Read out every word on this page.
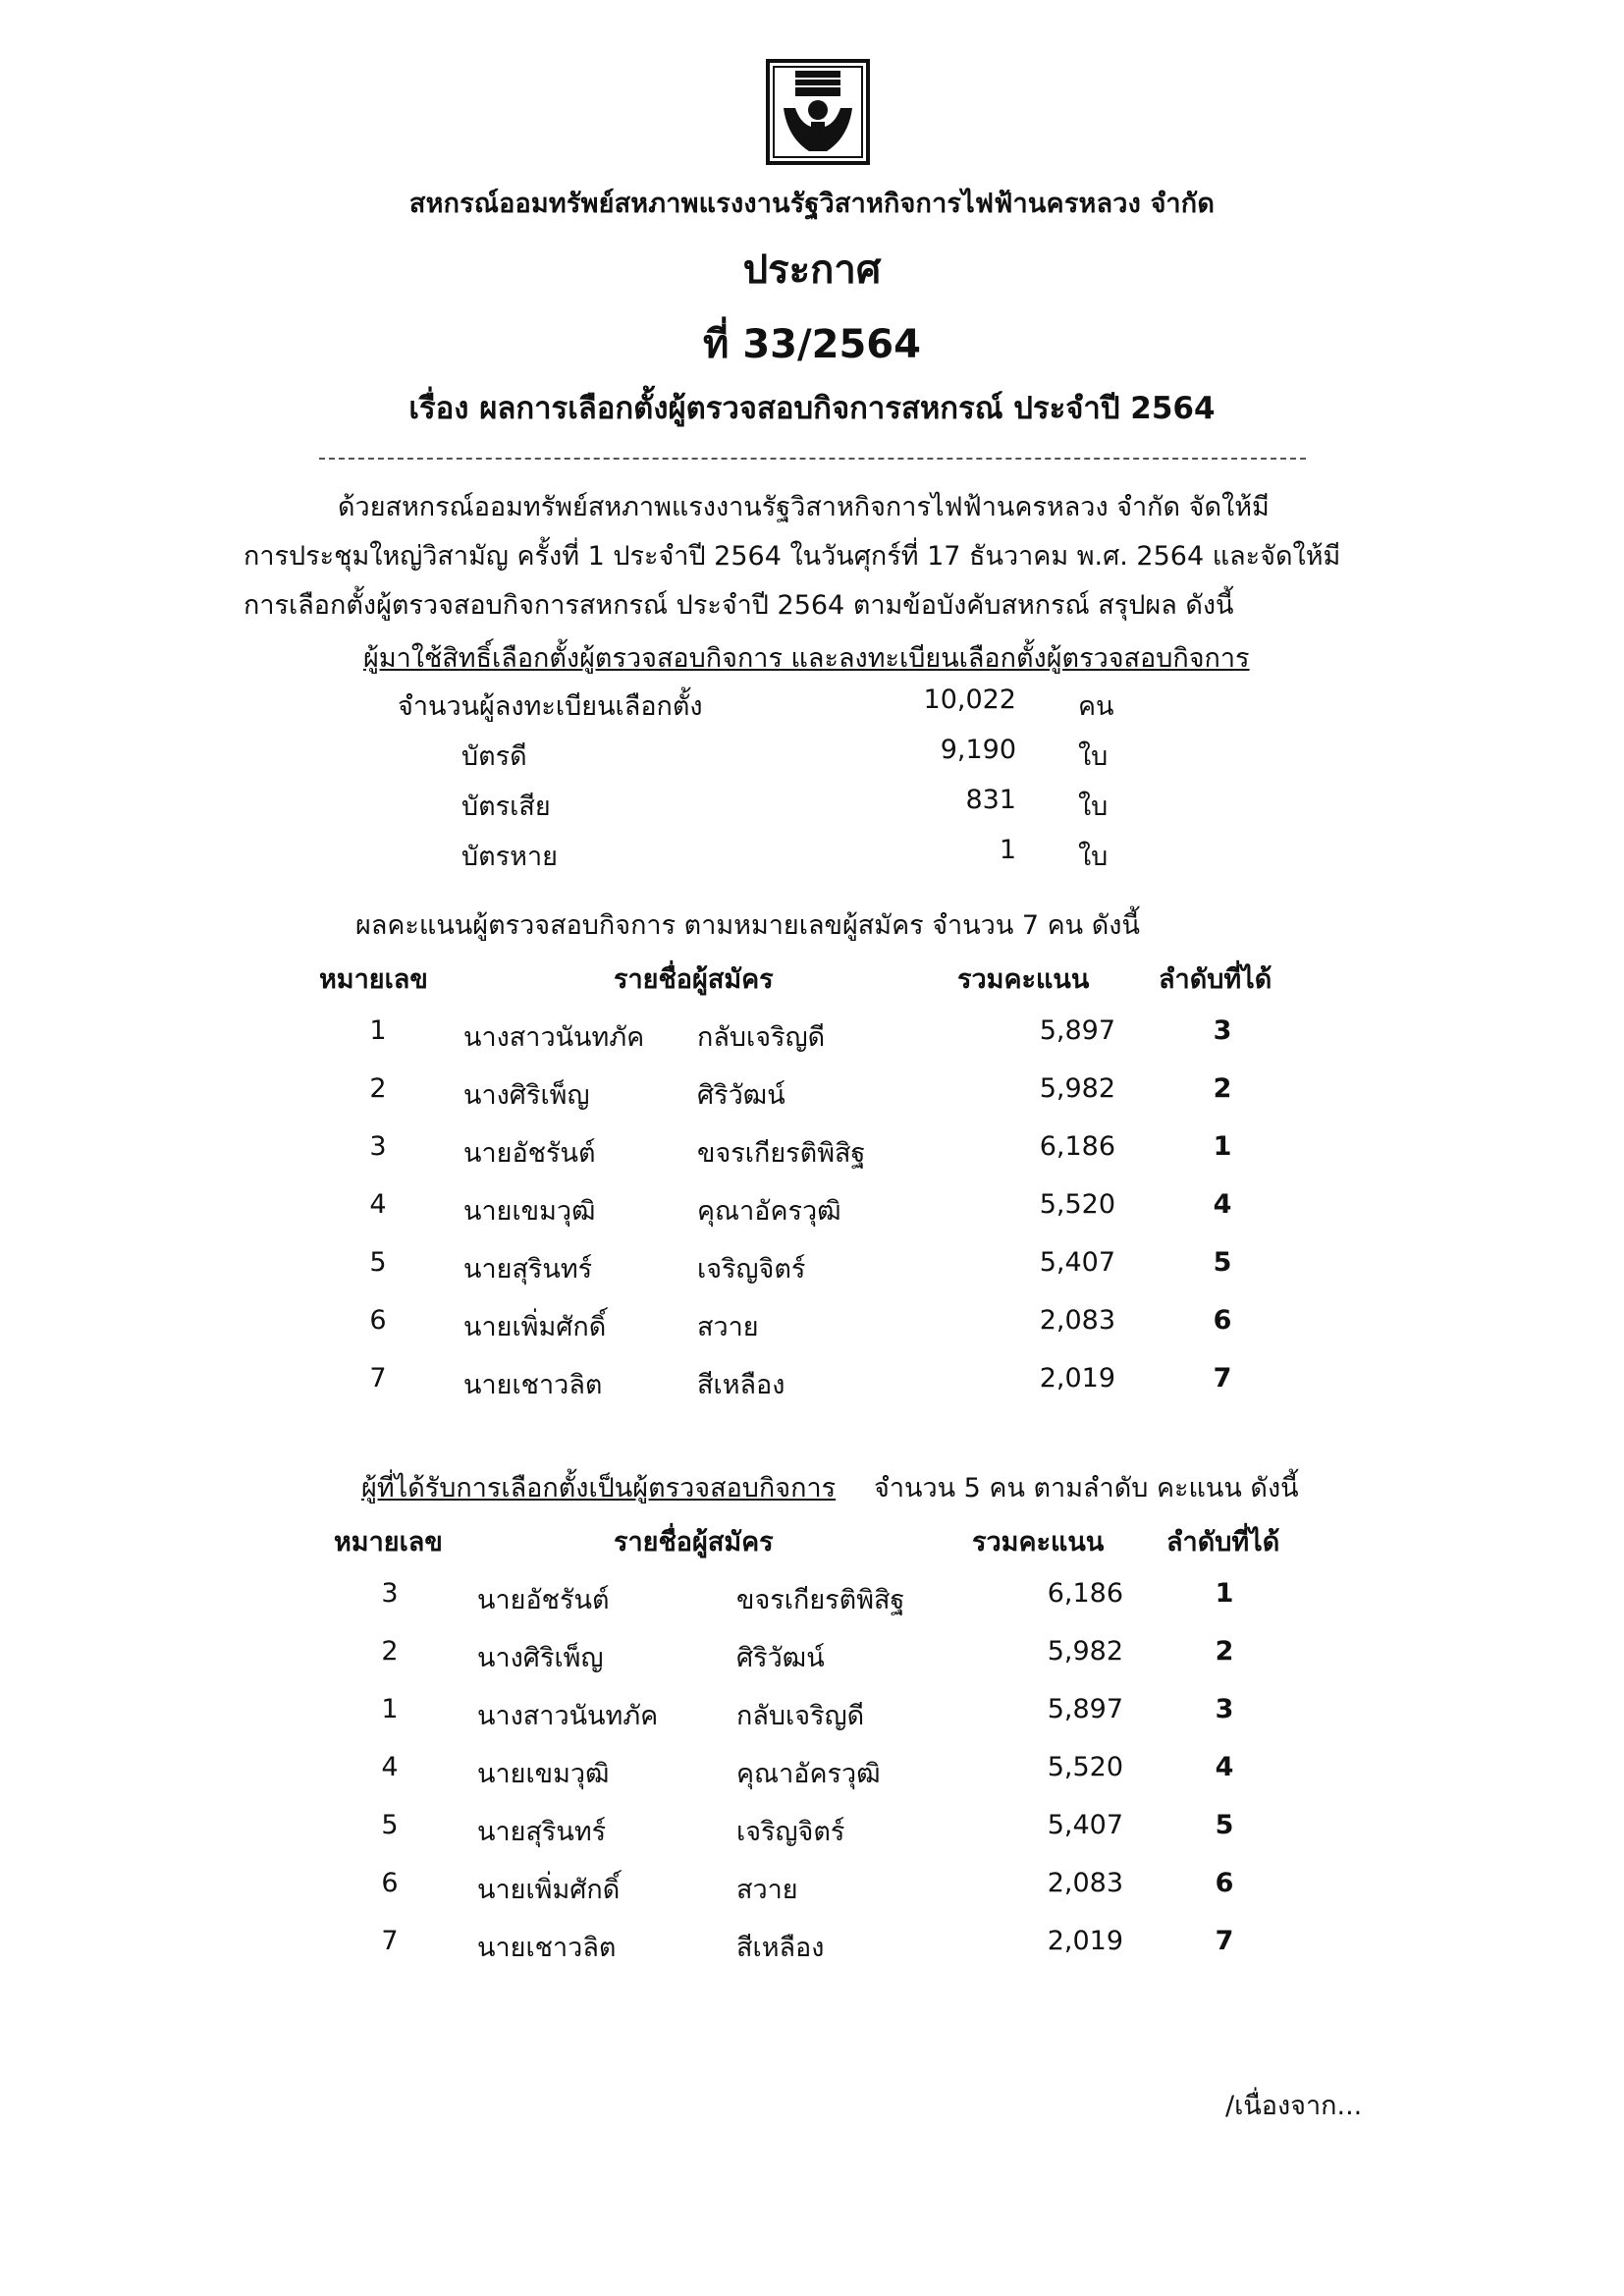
สหกรณ์ออมทรัพย์สหภาพแรงงานรัฐวิสาหกิจการไฟฟ้านครหลวง จำกัด
ประกาศ
ที่ 33/2564
เรื่อง ผลการเลือกตั้งผู้ตรวจสอบกิจการสหกรณ์ ประจำปี 2564

ด้วยสหกรณ์ออมทรัพย์สหภาพแรงงานรัฐวิสาหกิจการไฟฟ้านครหลวง จำกัด จัดให้มี

การประชุมใหญ่วิสามัญ ครั้งที่ 1 ประจำปี 2564 ในวันศุกร์ที่ 17 ธันวาคม พ.ศ. 2564 และจัดให้มี

การเลือกตั้งผู้ตรวจสอบกิจการสหกรณ์ ประจำปี 2564 ตามข้อบังคับสหกรณ์ สรุปผล ดังนี้

ผู้มาใช้สิทธิ์เลือกตั้งผู้ตรวจสอบกิจการ และลงทะเบียนเลือกตั้งผู้ตรวจสอบกิจการ
จำนวนผู้ลงทะเบียนเลือกตั้ง	10,022 คน
บัตรดี	9,190 ใบ
บัตรเสีย	831 ใบ
บัตรหาย	1 ใบ
ผลคะแนนผู้ตรวจสอบกิจการ ตามหมายเลขผู้สมัคร จำนวน 7 คน ดังนี้
หมายเลข	รายชื่อผู้สมัคร	รวมคะแนน	ลำดับที่ได้
1	นางสาวนันทภัค กลับเจริญดี	5,897	3
2	นางศิริเพ็ญ	ศิริวัฒน์	5,982	2
3	นายอัชรันต์	ขจรเกียรติพิสิฐ	6,186	1
4	นายเขมวุฒิ	คุณาอัครวุฒิ	5,520	4
5	นายสุรินทร์	เจริญจิตร์	5,407	5
6	นายเพิ่มศักดิ์	สวาย	2,083	6
7	นายเชาวลิต	สีเหลือง	2,019	7
ผู้ที่ได้รับการเลือกตั้งเป็นผู้ตรวจสอบกิจการ จำนวน 5 คน ตามลำดับ คะแนน ดังนี้
หมายเลข	รายชื่อผู้สมัคร	รวมคะแนน ลำดับที่ได้
3	นายอัชรันต์	ขจรเกียรติพิสิฐ	6,186	1
2	นางศิริเพ็ญ	ศิริวัฒน์	5,982	2
1	นางสาวนันทภัค	กลับเจริญดี	5,897	3
4	นายเขมวุฒิ	คุณาอัครวุฒิ	5,520	4
5	นายสุรินทร์	เจริญจิตร์	5,407	5
6	นายเพิ่มศักดิ์	สวาย	2,083	6
7	นายเชาวลิต	สีเหลือง	2,019	7
/เนื่องจาก...
